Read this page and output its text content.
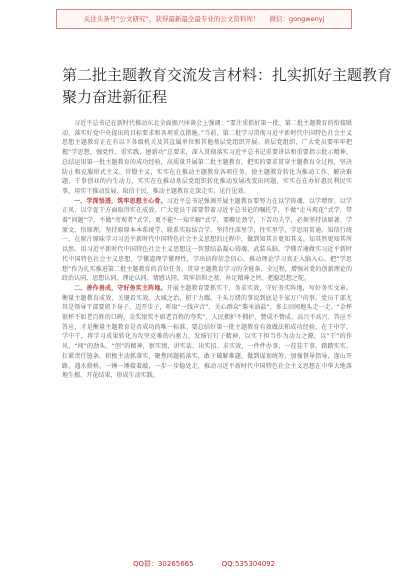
关注头条号“公文研究”，获得最新最全最专业的公文资料库！ 微信：gongwenyj
第二批主题教育交流发言材料：扎实抓好主题教育
聚力奋进新征程

习近平总书记在新时代推动东北全面振兴座谈会上强调：“要注重抓好第一批、第二批主题教育的衔接联动，落实好党中央提出的目标要求和各项重点措施。”当前，第二批学习贯彻习近平新时代中国特色社会主义思想主题教育正在有以下各级机关及其直属单位和其他基层党组织开展。基层党组织，广大党员要牢牢把握“学思想、强党性、重实践、建新功”总要求，深入贯彻落实习近平总书记重要讲话和重要指示批示精神，总结运用第一批主题教育的成功经验，高质量开展第二批主题教育，把实的要求贯穿主题教育全过程，坚决防止和克服形式主义、官僚主义，实实在在推动主题教育各项任务，使主题教育转化为推动工作、解决难题、干事创业的内生动力，实实在在推动基层党组织转化推动发展改变出问题，实实在在办好惠民利民实事，用实干推动发展、取信于民，推动主题教育走深走实，见行见效。

一、学深悟透，筑牢思想主心骨。习近平总书记强调开展主题教育要努力在以学铸魂、以学增智、以学正风、以学促干方面取得实在成效。广大党员干部要带着习近平总书记的嘱托学，不做“走马观花”式学，带着“问题”学，不做“旁观者”式学，更不能“一知半解”式学，要聊足劲学，下苦功夫学，必须坚持读原著、学原文、悟原理，坚持原原本本系统学、联系实际结合学、坚持往深里学，往实里学，学思用贯通、知信行统一，在原汁原味学习习近平新时代中国特色社会主义思想的过程中，做到知其言更知其义、知其然更知其所以然。用习近平新时代中国特色社会主义思想这一智慧结晶凝心铸魂，武装头脑，学懂弄通做实习近平新时代中国特色社会主义思想，学懂道理学懂理性，学出信仰信念信心，推动理论学习真正入脑入心。把“学思想”作为扎实推进第二批主题教育的首位任务，贯穿主题教育学习的全链条、全过程，增强对党的创新理论的政治认同、思想认同、理论认同、情感认同，筑牢信仰之基、补足精神之钙、把稳思想之舵。

二、善作善成，守好务实主阵地。开展主题教育要抓实干、务求实效，守好务实阵地，写好务实文章。衡量主题教育成效，关键看实效。大城之治，积于力耀。千头万绪的事说到底是千家万户的事。党员干部尤其是领导干部要躬下身子，迈开步子，听取“一线声音”，关心群众“柴米油盐”，多去田间地头走一走。“金杯银杯不如老百姓的口碑，金奖银奖不如老百姓的夸奖”，人民拥护不拥护、赞成不赞成、高兴不高兴、答应不答应，才是衡量主题教育是否成功的唯一标准。要总结好第一批主题教育有效做法和成功经验，在干中学、学中干，将学习成果转化为攻坚克难的内驱力，发扬钉钉子精神，以实干担当作为动力之源，以“干”的作风、“闯”的劲头、“创”的精神，察实情、讲实话、出实招、求实效，一件件办事，一茬茬干事，踏踏实实，扛紧责任链条，积极主动抓落实，聚焦问题抓落实，敢于破解难题，做到谋划统筹，加强督导指导，逢山开路、遇水搭桥，一锤一锤接着敲，一步一步稳处走，推动习近平新时代中国特色社会主义思想在中华大地落地生根、开花结果，形成生动实践。

QQ群：30265665	QQ:535304092
